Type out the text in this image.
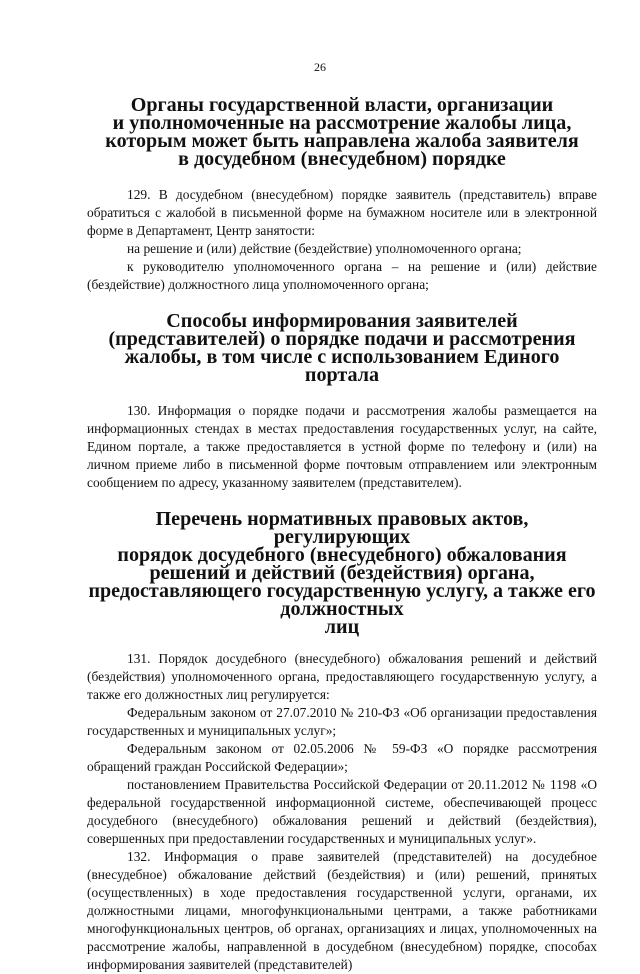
26
Органы государственной власти, организации
и уполномоченные на рассмотрение жалобы лица,
которым может быть направлена жалоба заявителя
в досудебном (внесудебном) порядке

129. В досудебном (внесудебном) порядке заявитель (представитель) вправе обратиться с жалобой в письменной форме на бумажном носителе или в электронной форме в Департамент, Центр занятости:

на решение и (или) действие (бездействие) уполномоченного органа;

к руководителю уполномоченного органа – на решение и (или) действие (бездействие) должностного лица уполномоченного органа;

Способы информирования заявителей
(представителей) о порядке подачи и рассмотрения
жалобы, в том числе с использованием Единого портала

130. Информация о порядке подачи и рассмотрения жалобы размещается на информационных стендах в местах предоставления государственных услуг, на сайте, Едином портале, а также предоставляется в устной форме по телефону и (или) на личном приеме либо в письменной форме почтовым отправлением или электронным сообщением по адресу, указанному заявителем (представителем).

Перечень нормативных правовых актов, регулирующих
порядок досудебного (внесудебного) обжалования
решений и действий (бездействия) органа,
предоставляющего государственную услугу, а также его должностных
лиц

131. Порядок досудебного (внесудебного) обжалования решений и действий (бездействия) уполномоченного органа, предоставляющего государственную услугу, а также его должностных лиц регулируется:

Федеральным законом от 27.07.2010 № 210-ФЗ «Об организации предоставления государственных и муниципальных услуг»;

Федеральным законом от 02.05.2006 № 59-ФЗ «О порядке рассмотрения обращений граждан Российской Федерации»;

постановлением Правительства Российской Федерации от 20.11.2012 № 1198 «О федеральной государственной информационной системе, обеспечивающей процесс досудебного (внесудебного) обжалования решений и действий (бездействия), совершенных при предоставлении государственных и муниципальных услуг».

132. Информация о праве заявителей (представителей) на досудебное (внесудебное) обжалование действий (бездействия) и (или) решений, принятых (осуществленных) в ходе предоставления государственной услуги, органами, их должностными лицами, многофункциональными центрами, а также работниками многофункциональных центров, об органах, организациях и лицах, уполномоченных на рассмотрение жалобы, направленной в досудебном (внесудебном) порядке, способах информирования заявителей (представителей)
